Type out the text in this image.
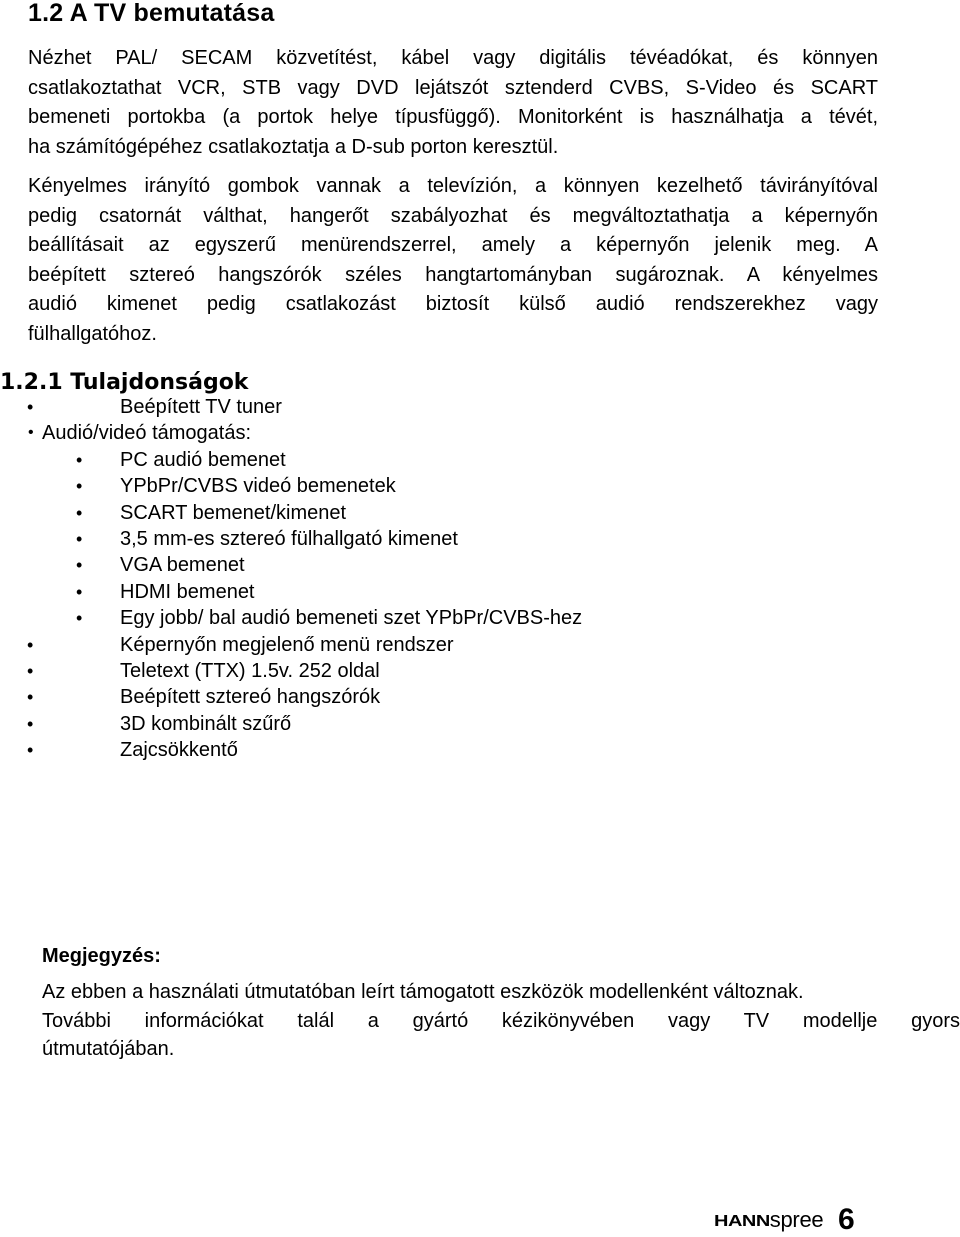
1.2 A TV bemutatása

Nézhet PAL/ SECAM közvetítést, kábel vagy digitális tévéadókat, és könnyen
csatlakoztathat VCR, STB vagy DVD lejátszót sztenderd CVBS, S-Video és SCART
bemeneti portokba (a portok helye típusfüggő). Monitorként is használhatja a tévét,
ha számítógépéhez csatlakoztatja a D-sub porton keresztül.

Kényelmes irányító gombok vannak a televízión, a könnyen kezelhető távirányítóval
pedig csatornát válthat, hangerőt szabályozhat és megváltoztathatja a képernyőn
beállításait az egyszerű menürendszerrel, amely a képernyőn jelenik meg. A
beépített sztereó hangszórók széles hangtartományban sugároznak. A kényelmes
audió kimenet pedig csatlakozást biztosít külső audió rendszerekhez vagy
fülhallgatóhoz.

1.2.1 Tulajdonságok
•	Beépített TV tuner
• Audió/videó támogatás:
• PC audió bemenet
• YPbPr/CVBS videó bemenetek
• SCART bemenet/kimenet
• 3,5 mm-es sztereó fülhallgató kimenet
• VGA bemenet
• HDMI bemenet
• Egy jobb/ bal audió bemeneti szet YPbPr/CVBS-hez
•	Képernyőn megjelenő menü rendszer
•	Teletext (TTX) 1.5v. 252 oldal
•	Beépített sztereó hangszórók
•	3D kombinált szűrő
•	Zajcsökkentő
Megjegyzés:

Az ebben a használati útmutatóban leírt támogatott eszközök modellenként változnak.
További információkat talál a gyártó kézikönyvében vagy TV modellje gyors
útmutatójában.

HANN spree 6
